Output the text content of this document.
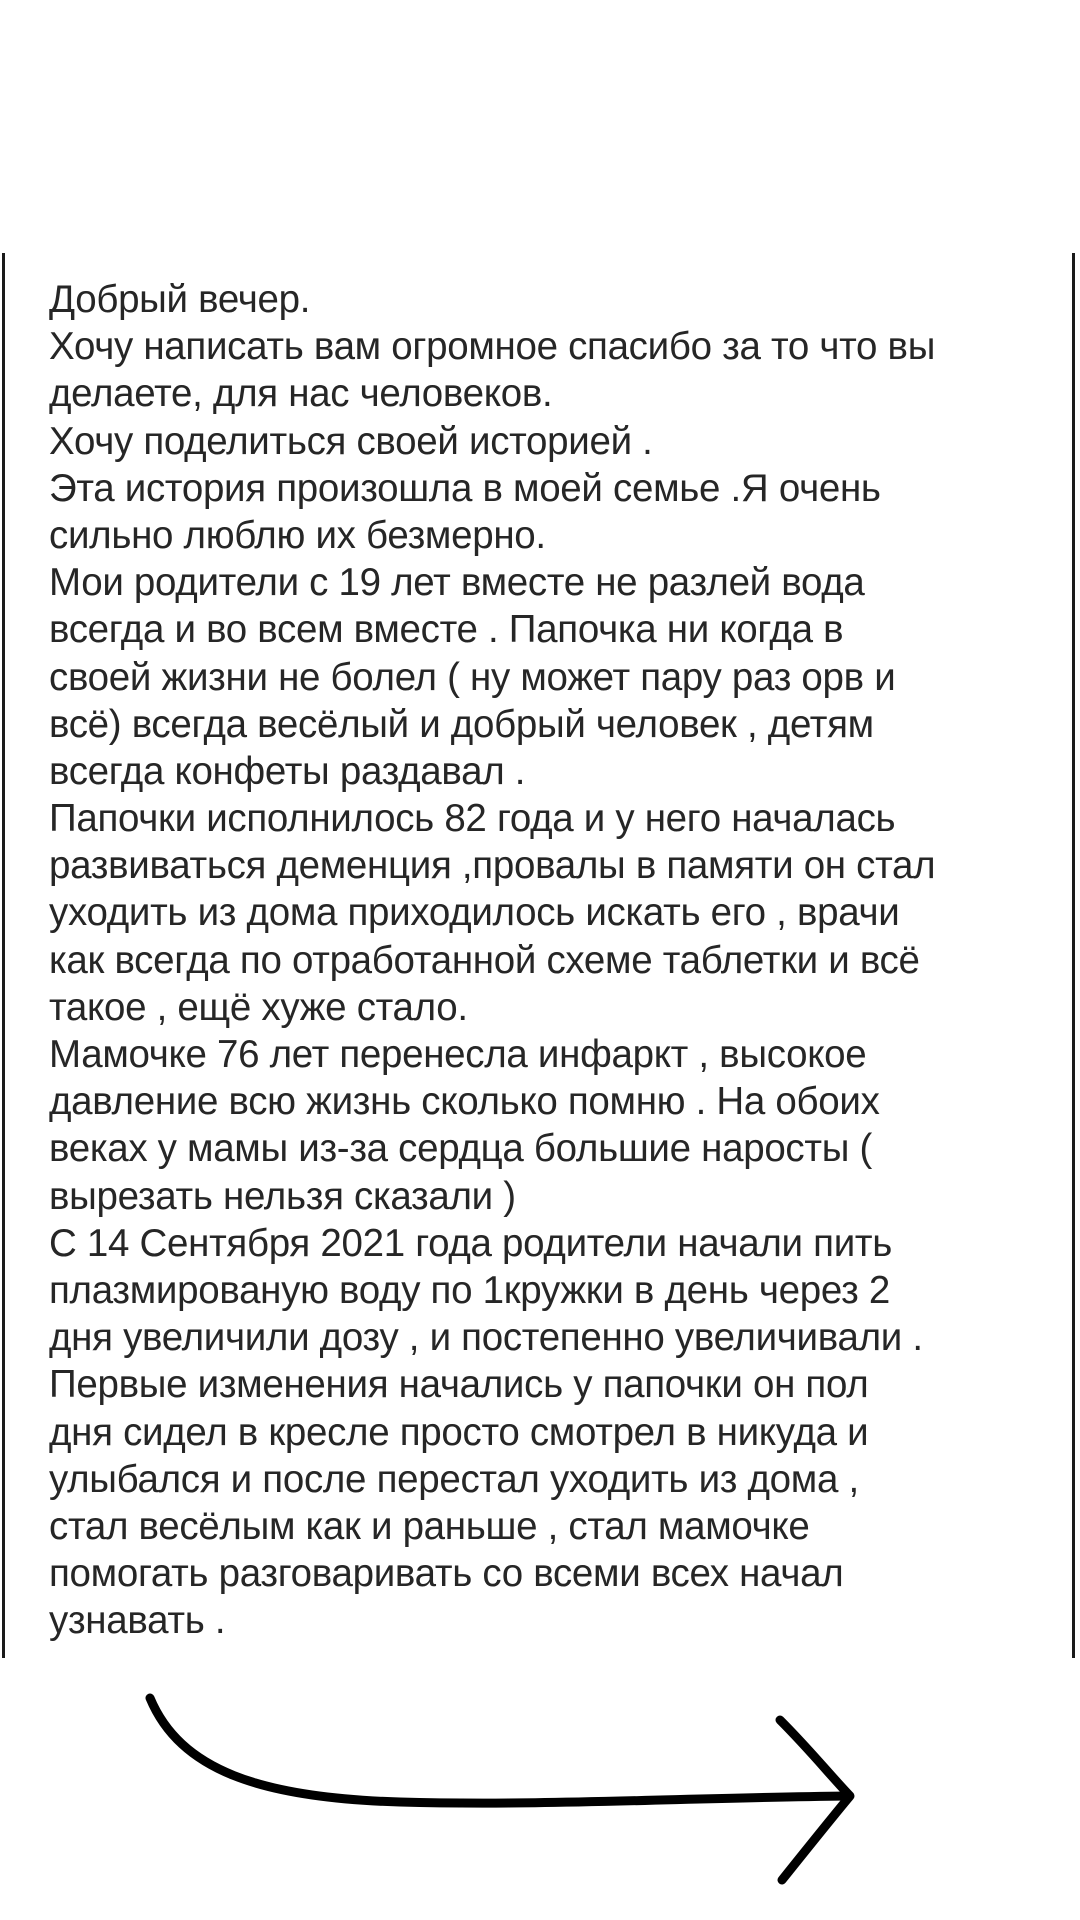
Добрый вечер.
Хочу написать вам огромное спасибо за то что вы
делаете, для нас человеков.
Хочу поделиться своей историей .
Эта история произошла в моей семье .Я очень
сильно люблю их безмерно.
Мои родители с 19 лет вместе не разлей вода
всегда и во всем вместе . Папочка ни когда в
своей жизни не болел ( ну может пару раз орв и
всё) всегда весёлый и добрый человек , детям
всегда конфеты раздавал .
Папочки исполнилось 82 года и у него началась
развиваться деменция ,провалы в памяти он стал
уходить из дома приходилось искать его , врачи
как всегда по отработанной схеме таблетки и всё
такое , ещё хуже стало.
Мамочке 76 лет перенесла инфаркт , высокое
давление всю жизнь сколько помню . На обоих
веках у мамы из-за сердца большие наросты (
вырезать нельзя сказали )
С 14 Сентября 2021 года родители начали пить
плазмированую воду по 1кружки в день через 2
дня увеличили дозу , и постепенно увеличивали .
Первые изменения начались у папочки он пол
дня сидел в кресле просто смотрел в никуда и
улыбался и после перестал уходить из дома ,
стал весёлым как и раньше , стал мамочке
помогать разговаривать со всеми всех начал
узнавать .
